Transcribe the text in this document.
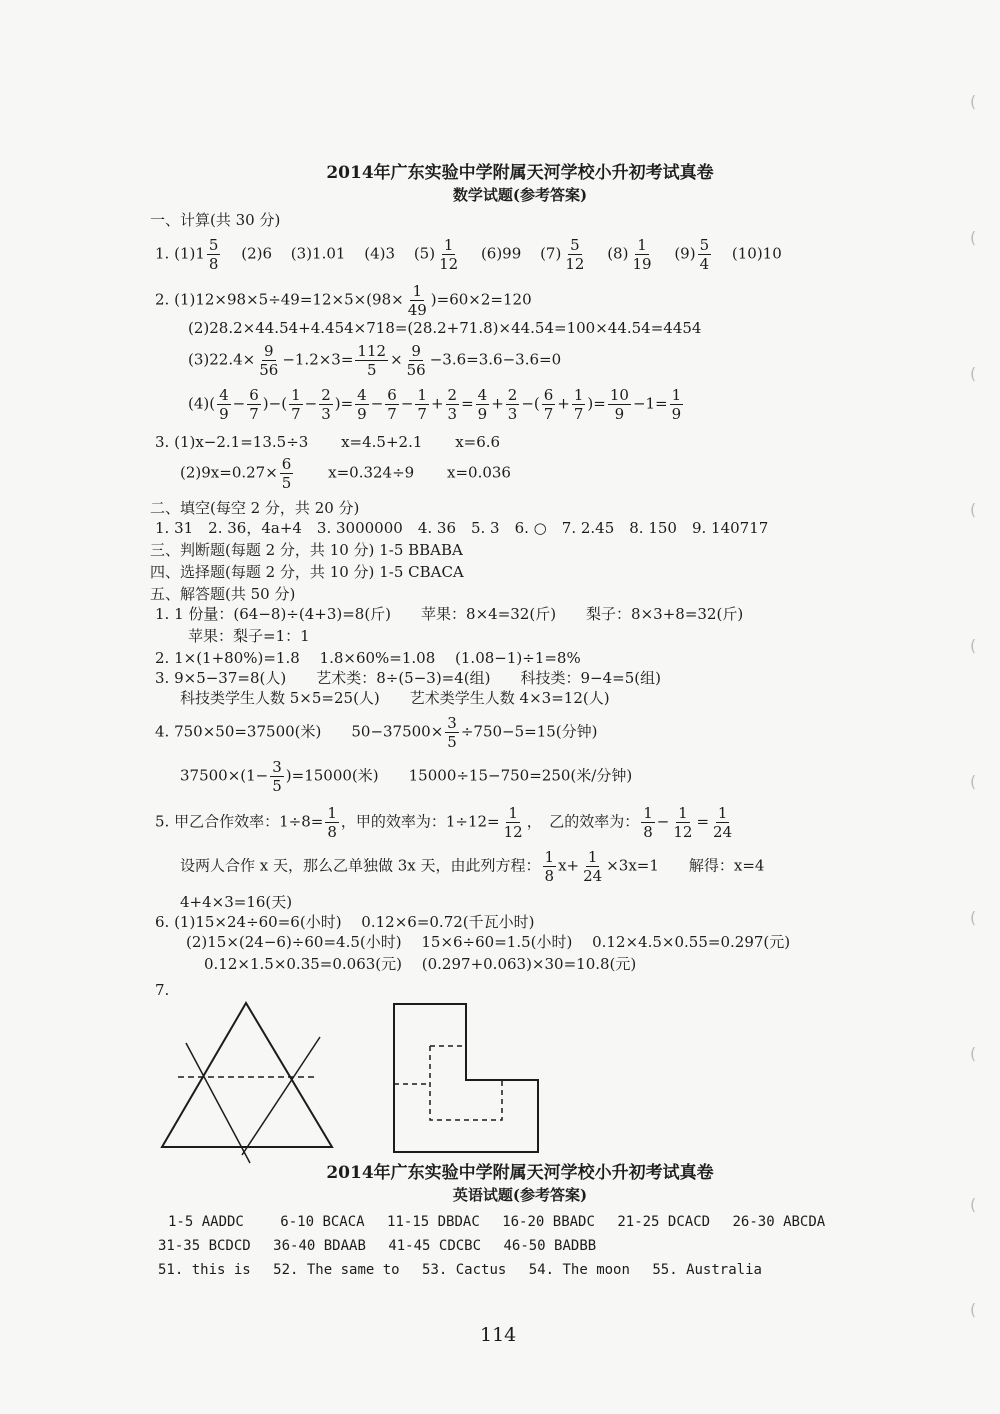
(
(
(
(
(
(
(
(
(
(
2014年广东实验中学附属天河学校小升初考试真卷
数学试题(参考答案)
一、计算(共 30 分)
1. $(1)1 \frac{5}{8} (2)6$ (3)1.01 (4)3 $(5) \frac{1}{12} (6)99$ $(7) \frac{5}{12} (8) \frac{1}{19} (9) \frac{5}{4} (10)10$
2. $(1)12\times 98\times 5\div 49=12\times 5\times(98\times \frac{1}{49} )=60\times 2=120$
(2)28.2×44.54+4.454×718=(28.2+71.8)×44.54=100×44.54=4454
$(3)22.4\times \frac{9}{56} -1.2\times 3= \frac{112}{5} \times \frac{9}{56} -3.6=3.6-3.6=0$
$(4)( \frac{4}{9} - \frac{6}{7}$ )−( $\frac{1}{7} - \frac{2}{3}$ )= $\frac{4}{9} - \frac{6}{7} - \frac{1}{7} + \frac{2}{3} = \frac{4}{9} + \frac{2}{3}$ −( $\frac{6}{7} + \frac{1}{7}$ )= $\frac{10}{9} -1= \frac{1}{9}$
3. (1)x−2.1=13.5÷3 x=4.5+2.1 x=6.6
$(2)9x=0.27\times \frac{6}{5} x=0.324\div 9$ x=0.036
二、填空(每空 2 分，共 20 分)
1. 31　2. 36，4a+4　3. 3000000　4. 36　5. 3　6. ○　7. 2.45　8. 150　9. 140717
三、判断题(每题 2 分，共 10 分) 1-5 BBABA
四、选择题(每题 2 分，共 10 分) 1-5 CBACA
五、解答题(共 50 分)
1. 1 份量：(64−8)÷(4+3)=8(斤)　　苹果：8×4=32(斤)　　梨子：8×3+8=32(斤)
苹果：梨子=1：1
2. 1×(1+80%)=1.8　 1.8×60%=1.08　 (1.08−1)÷1=8%
3. 9×5−37=8(人)　　艺术类：8÷(5−3)=4(组)　　科技类：9−4=5(组)
科技类学生人数 5×5=25(人)　　艺术类学生人数 4×3=12(人)
4. 750×50=37500(米)　　$50-37500\times \frac{3}{5} \div 750-5=15$(分钟)
$37500\times(1- \frac{3}{5} )=15000$(米)　　15000÷15−750=250(米/分钟)
5. 甲乙合作效率：$1\div 8= \frac{1}{8}$ ，甲的效率为：$1\div 12= \frac{1}{12}$ ，　乙的效率为： $\frac{1}{8} - \frac{1}{12} = \frac{1}{24}$
设两人合作 x 天，那么乙单独做 3x 天，由此列方程： $\frac{1}{8} x+ \frac{1}{24} \times 3x=1$　　解得：x=4
4+4×3=16(天)
6. (1)15×24÷60=6(小时)　 0.12×6=0.72(千瓦小时)
(2)15×(24−6)÷60=4.5(小时)　 15×6÷60=1.5(小时)　 0.12×4.5×0.55=0.297(元)
0.12×1.5×0.35=0.063(元)　 (0.297+0.063)×30=10.8(元)
7.
2014年广东实验中学附属天河学校小升初考试真卷
英语试题(参考答案)
1-5 AADDC	6-10 BCACA 11-15 DBDAC 16-20 BBADC 21-25 DCACD 26-30 ABCDA
31-35 BCDCD 36-40 BDAAB 41-45 CDCBC 46-50 BADBB
51. this is 52. The same to 53. Cactus 54. The moon 55. Australia
114
